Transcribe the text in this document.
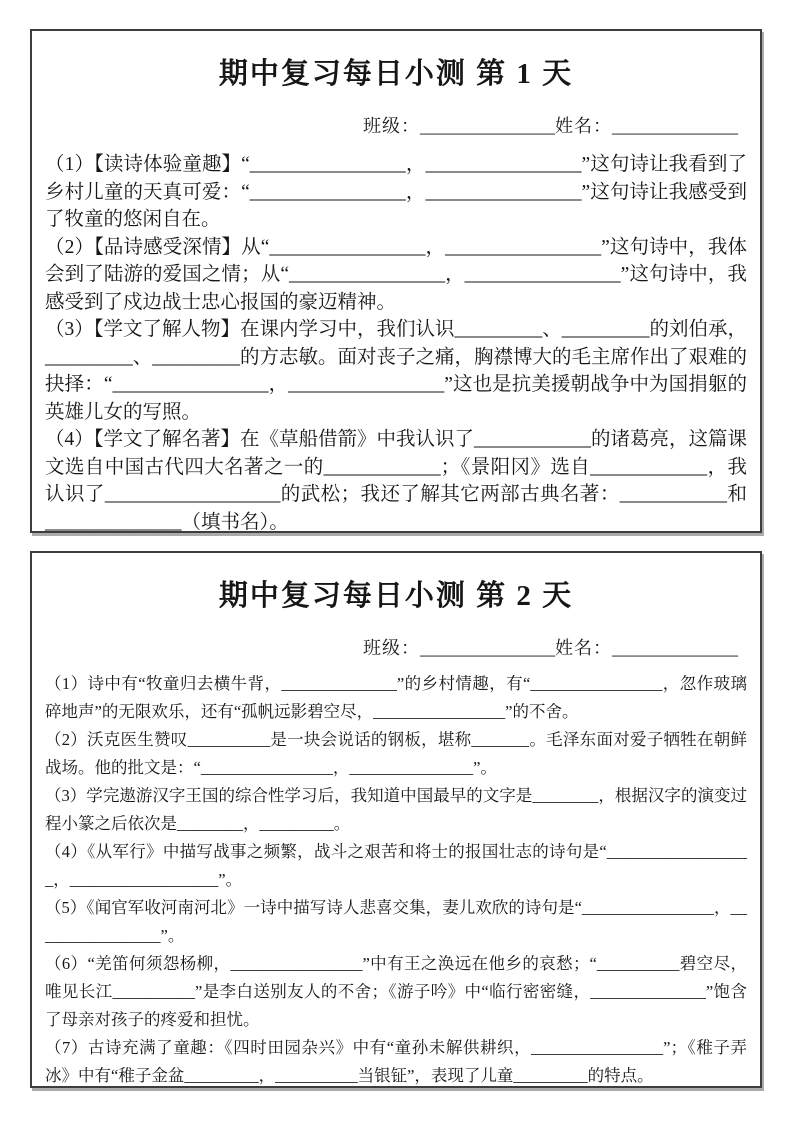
期中复习每日小测 第 1 天
班级：_______________姓名：______________

（1）【读诗体验童趣】“________________，________________”这句诗让我看到了乡村儿童的天真可爱：“________________，________________”这句诗让我感受到了牧童的悠闲自在。

（2）【品诗感受深情】从“________________，________________”这句诗中，我体会到了陆游的爱国之情；从“________________，________________”这句诗中，我感受到了戍边战士忠心报国的豪迈精神。

（3）【学文了解人物】在课内学习中，我们认识_________、_________的刘伯承，_________、_________的方志敏。面对丧子之痛，胸襟博大的毛主席作出了艰难的抉择：“________________，________________”这也是抗美援朝战争中为国捐躯的英雄儿女的写照。

（4）【学文了解名著】在《草船借箭》中我认识了____________的诸葛亮，这篇课文选自中国古代四大名著之一的____________；《景阳冈》选自____________，我认识了__________________的武松；我还了解其它两部古典名著：___________和 ______________（填书名）。

期中复习每日小测 第 2 天
班级：_______________姓名：______________

（1）诗中有“牧童归去横牛背，______________”的乡村情趣，有“________________，忽作玻璃碎地声”的无限欢乐，还有“孤帆远影碧空尽，________________”的不舍。

（2）沃克医生赞叹__________是一块会说话的钢板，堪称_______。毛泽东面对爱子牺牲在朝鲜战场。他的批文是：“________________，_______________”。

（3）学完遨游汉字王国的综合性学习后，我知道中国最早的文字是________，根据汉字的演变过程小篆之后依次是________，_________。

（4）《从军行》中描写战事之频繁，战斗之艰苦和将士的报国壮志的诗句是“__________________，__________________”。

（5）《闻官军收河南河北》一诗中描写诗人悲喜交集，妻儿欢欣的诗句是“________________，________________”。

（6）“羌笛何须怨杨柳，________________”中有王之涣远在他乡的哀愁；“__________碧空尽，唯见长江__________”是李白送别友人的不舍；《游子吟》中“临行密密缝，______________”饱含了母亲对孩子的疼爱和担忧。

（7）古诗充满了童趣：《四时田园杂兴》中有“童孙未解供耕织，________________”；《稚子弄冰》中有“稚子金盆_________，__________当银钲”，表现了儿童_________的特点。
